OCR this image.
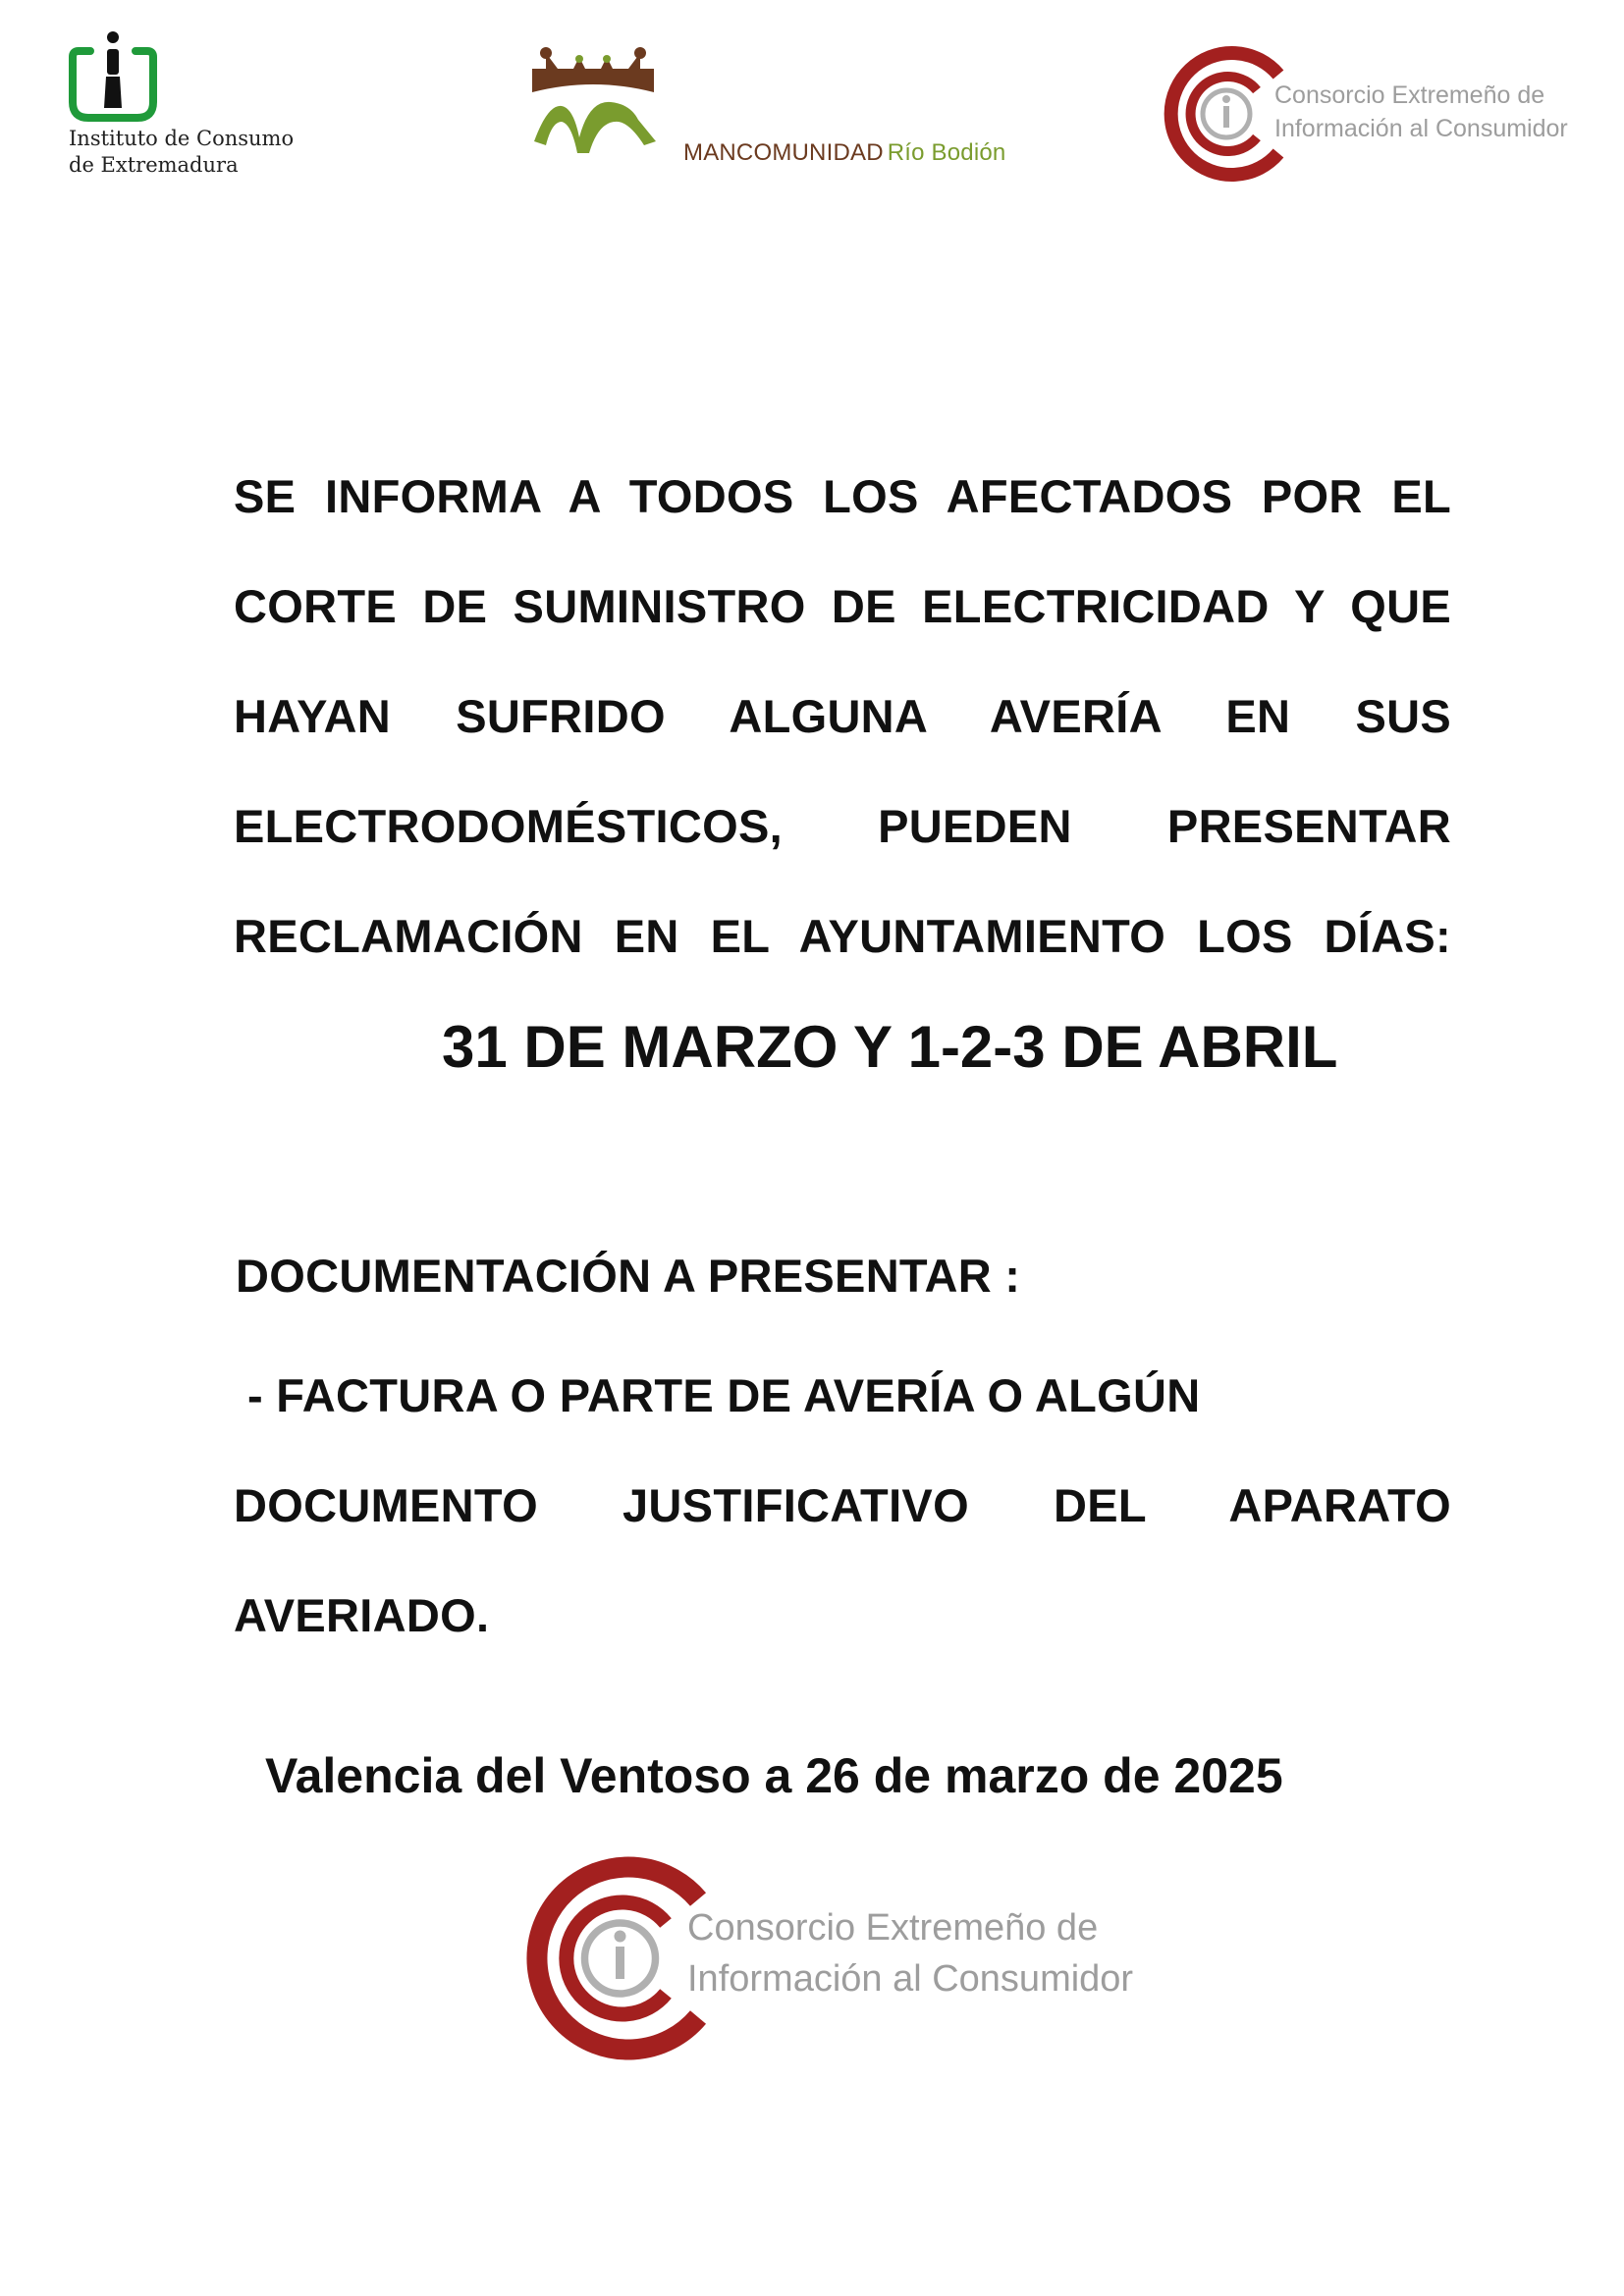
Instituto de Consumo
de Extremadura	MANCOMUNIDAD Río Bodión
Consorcio Extremeño de
Información al Consumidor
SE INFORMA A TODOS LOS AFECTADOS POR EL
CORTE DE SUMINISTRO DE ELECTRICIDAD Y QUE
HAYAN SUFRIDO ALGUNA AVERÍA EN SUS
ELECTRODOMÉSTICOS, PUEDEN PRESENTAR
RECLAMACIÓN EN EL AYUNTAMIENTO LOS DÍAS:
31 DE MARZO Y 1-2-3 DE ABRIL
DOCUMENTACIÓN A PRESENTAR :
- FACTURA O PARTE DE AVERÍA O ALGÚN
DOCUMENTO JUSTIFICATIVO DEL APARATO
AVERIADO.
Valencia del Ventoso a 26 de marzo de 2025
Consorcio Extremeño de
Información al Consumidor
